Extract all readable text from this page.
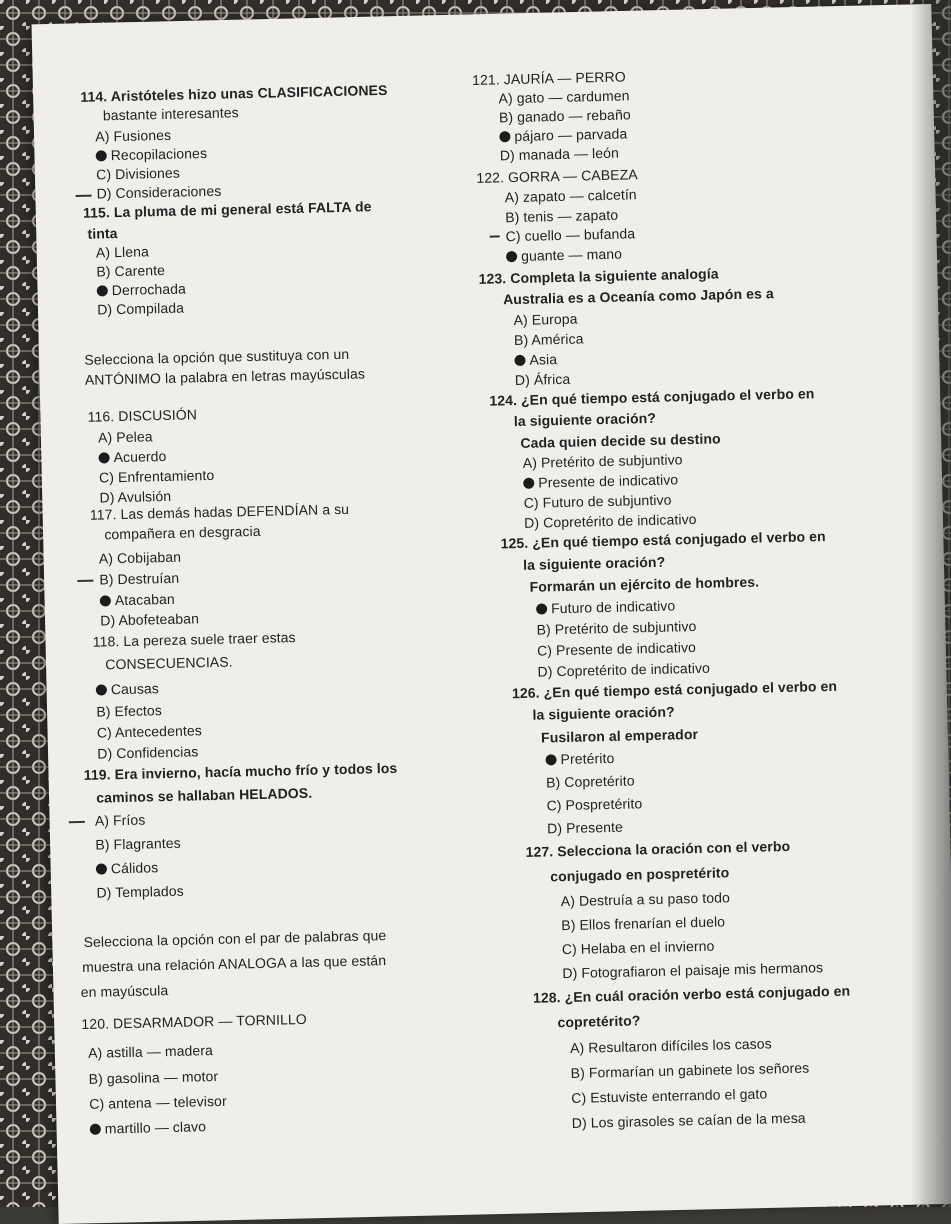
114. Aristóteles hizo unas CLASIFICACIONES
bastante interesantes
A) Fusiones
Recopilaciones
C) Divisiones
D) Consideraciones
115. La pluma de mi general está FALTA de
tinta
A) Llena
B) Carente
Derrochada
D) Compilada
Selecciona la opción que sustituya con un
ANTÓNIMO la palabra en letras mayúsculas
116. DISCUSIÓN
A) Pelea
Acuerdo
C) Enfrentamiento
D) Avulsión
117. Las demás hadas DEFENDÍAN a su
compañera en desgracia
A) Cobijaban
B) Destruían
Atacaban
D) Abofeteaban
118. La pereza suele traer estas
CONSECUENCIAS.
Causas
B) Efectos
C) Antecedentes
D) Confidencias
119. Era invierno, hacía mucho frío y todos los
caminos se hallaban HELADOS.
A) Fríos
B) Flagrantes
Cálidos
D) Templados
Selecciona la opción con el par de palabras que
muestra una relación ANALOGA a las que están
en mayúscula
120. DESARMADOR — TORNILLO
A) astilla — madera
B) gasolina — motor
C) antena — televisor
martillo — clavo
121. JAURÍA — PERRO
A) gato — cardumen
B) ganado — rebaño
pájaro — parvada
D) manada — león
122. GORRA — CABEZA
A) zapato — calcetín
B) tenis — zapato
C) cuello — bufanda
guante — mano
123. Completa la siguiente analogía
Australia es a Oceanía como Japón es a
A) Europa
B) América
Asia
D) África
124. ¿En qué tiempo está conjugado el verbo en
la siguiente oración?
Cada quien decide su destino
A) Pretérito de subjuntivo
Presente de indicativo
C) Futuro de subjuntivo
D) Copretérito de indicativo
125. ¿En qué tiempo está conjugado el verbo en
la siguiente oración?
Formarán un ejército de hombres.
Futuro de indicativo
B) Pretérito de subjuntivo
C) Presente de indicativo
D) Copretérito de indicativo
126. ¿En qué tiempo está conjugado el verbo en
la siguiente oración?
Fusilaron al emperador
Pretérito
B) Copretérito
C) Pospretérito
D) Presente
127. Selecciona la oración con el verbo
conjugado en pospretérito
A) Destruía a su paso todo
B) Ellos frenarían el duelo
C) Helaba en el invierno
D) Fotografiaron el paisaje mis hermanos
128. ¿En cuál oración verbo está conjugado en
copretérito?
A) Resultaron difíciles los casos
B) Formarían un gabinete los señores
C) Estuviste enterrando el gato
D) Los girasoles se caían de la mesa
